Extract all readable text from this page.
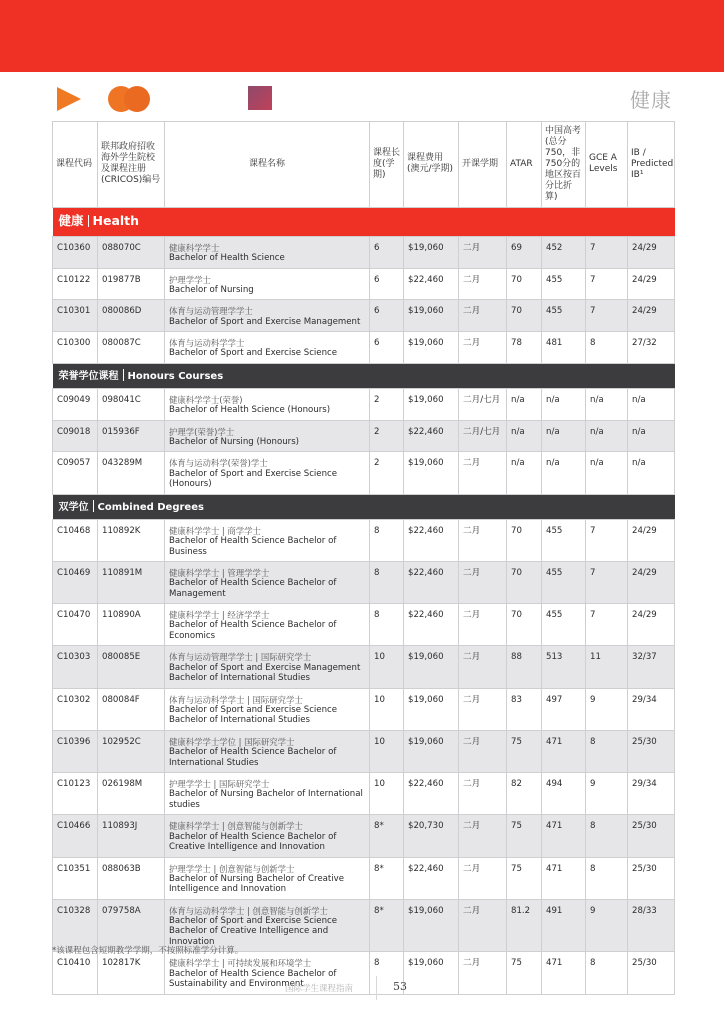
健康
课程代码	联邦政府招收海外学生院校及课程注册(CRICOS)编号	课程名称	课程长度(学期)	课程费用(澳元/学期)	开课学期	ATAR	中国高考(总分750，非750分的地区按百分比折算)	GCE A Levels	IB / Predicted IB¹
健康 Health									
C10360	088070C	健康科学学士
Bachelor of Health Science	6	$19,060	二月	69	452	7	24/29
C10122	019877B	护理学学士
Bachelor of Nursing	6	$22,460	二月	70	455	7	24/29
C10301	080086D	体育与运动管理学学士
Bachelor of Sport and Exercise Management	6	$19,060	二月	70	455	7	24/29
C10300	080087C	体育与运动科学学士
Bachelor of Sport and Exercise Science	6	$19,060	二月	78	481	8	27/32
荣誉学位课程 Honours Courses									
C09049	098041C	健康科学学士(荣誉)
Bachelor of Health Science (Honours)	2	$19,060	二月/七月	n/a	n/a	n/a	n/a
C09018	015936F	护理学(荣誉)学士
Bachelor of Nursing (Honours)	2	$22,460	二月/七月	n/a	n/a	n/a	n/a
C09057	043289M	体育与运动科学(荣誉)学士
Bachelor of Sport and Exercise Science (Honours)	2	$19,060	二月	n/a	n/a	n/a	n/a
双学位 Combined Degrees									
C10468	110892K	健康科学学士 | 商学学士
Bachelor of Health Science Bachelor of Business	8	$22,460	二月	70	455	7	24/29
C10469	110891M	健康科学学士 | 管理学学士
Bachelor of Health Science Bachelor of Management	8	$22,460	二月	70	455	7	24/29
C10470	110890A	健康科学学士 | 经济学学士
Bachelor of Health Science Bachelor of Economics	8	$22,460	二月	70	455	7	24/29
C10303	080085E	体育与运动管理学学士 | 国际研究学士
Bachelor of Sport and Exercise Management Bachelor of International Studies	10	$19,060	二月	88	513	11	32/37
C10302	080084F	体育与运动科学学士 | 国际研究学士
Bachelor of Sport and Exercise Science Bachelor of International Studies	10	$19,060	二月	83	497	9	29/34
C10396	102952C	健康科学学士学位 | 国际研究学士
Bachelor of Health Science Bachelor of International Studies	10	$19,060	二月	75	471	8	25/30
C10123	026198M	护理学学士 | 国际研究学士
Bachelor of Nursing Bachelor of International studies	10	$22,460	二月	82	494	9	29/34
C10466	110893J	健康科学学士 | 创意智能与创新学士
Bachelor of Health Science Bachelor of Creative Intelligence and Innovation	8*	$20,730	二月	75	471	8	25/30
C10351	088063B	护理学学士 | 创意智能与创新学士
Bachelor of Nursing Bachelor of Creative Intelligence and Innovation	8*	$22,460	二月	75	471	8	25/30
C10328	079758A	体育与运动科学学士 | 创意智能与创新学士
Bachelor of Sport and Exercise Science Bachelor of Creative Intelligence and Innovation	8*	$19,060	二月	81.2	491	9	28/33
C10410	102817K	健康科学学士 | 可持续发展和环境学士
Bachelor of Health Science Bachelor of Sustainability and Environment	8	$19,060	二月	75	471	8	25/30
*该课程包含短期教学学期，不按照标准学分计算。
国际学生课程指南	53
